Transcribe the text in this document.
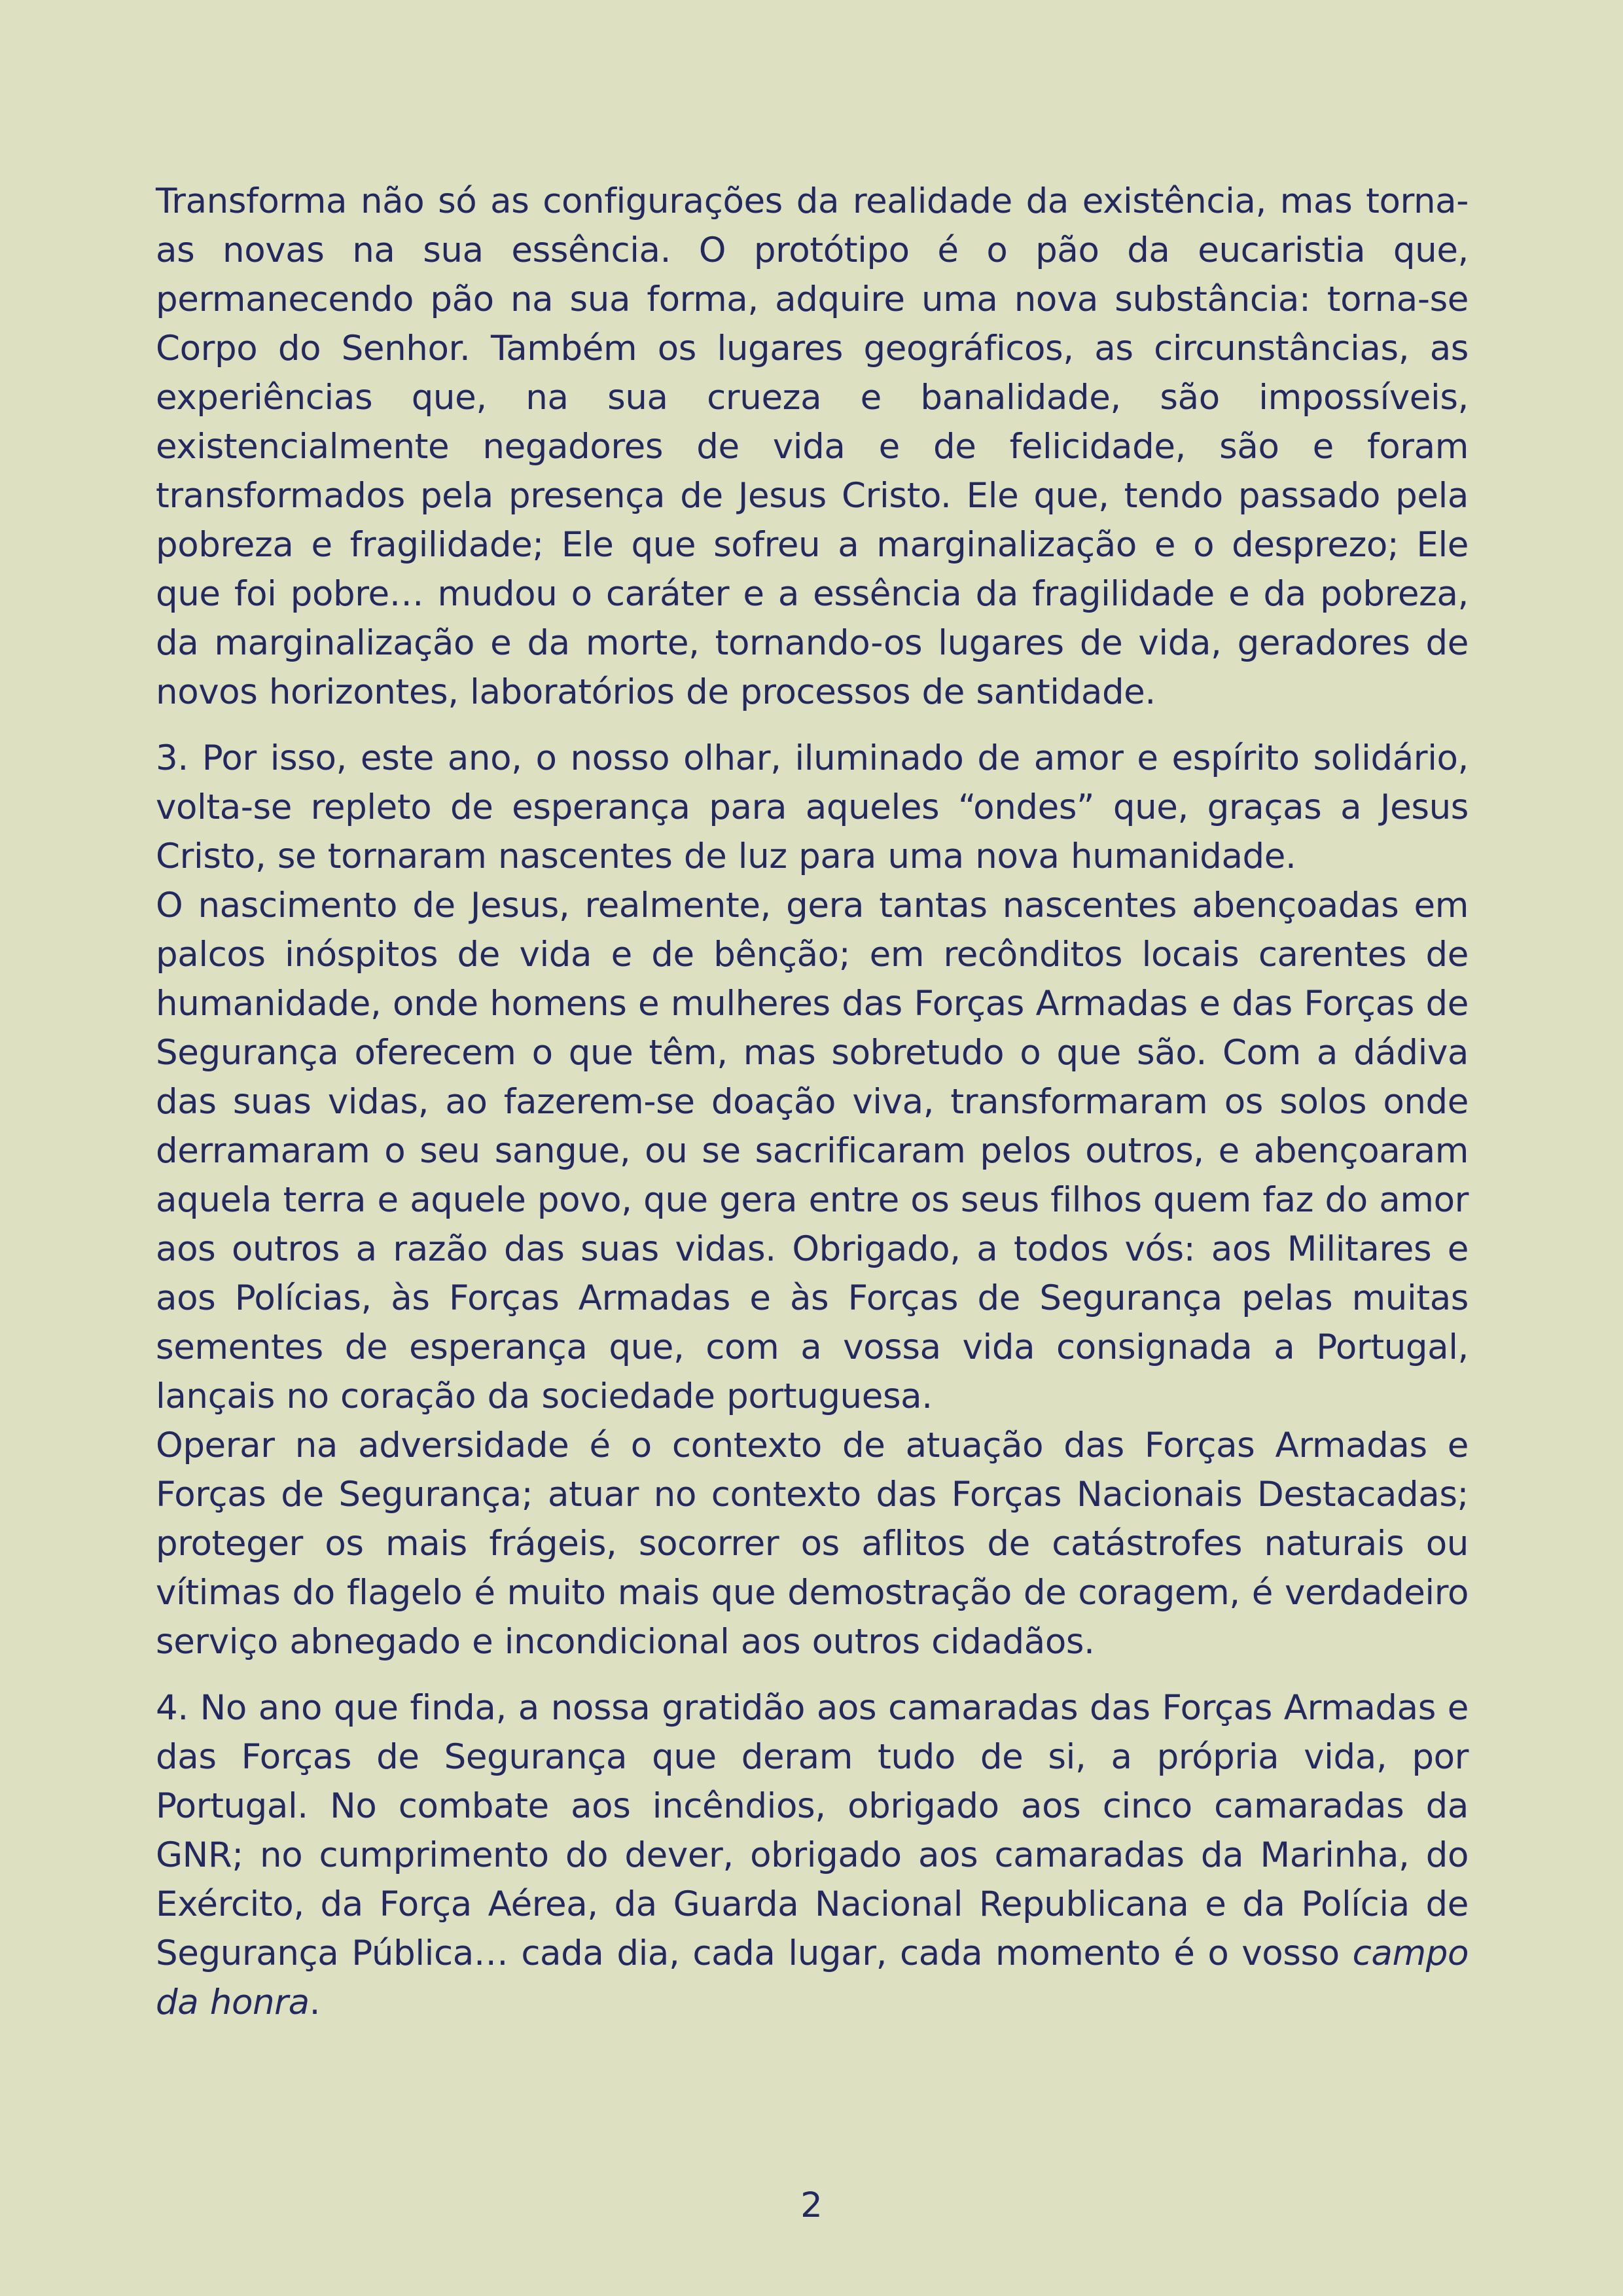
Transforma não só as configurações da realidade da existência, mas torna-as novas na sua essência. O protótipo é o pão da eucaristia que, permanecendo pão na sua forma, adquire uma nova substância: torna-se Corpo do Senhor. Também os lugares geográficos, as circunstâncias, as experiências que, na sua crueza e banalidade, são impossíveis, existencialmente negadores de vida e de felicidade, são e foram transformados pela presença de Jesus Cristo. Ele que, tendo passado pela pobreza e fragilidade; Ele que sofreu a marginalização e o desprezo; Ele que foi pobre… mudou o caráter e a essência da fragilidade e da pobreza, da marginalização e da morte, tornando-os lugares de vida, geradores de novos horizontes, laboratórios de processos de santidade.

3. Por isso, este ano, o nosso olhar, iluminado de amor e espírito solidário, volta-se repleto de esperança para aqueles “ondes” que, graças a Jesus Cristo, se tornaram nascentes de luz para uma nova humanidade.

O nascimento de Jesus, realmente, gera tantas nascentes abençoadas em palcos inóspitos de vida e de bênção; em recônditos locais carentes de humanidade, onde homens e mulheres das Forças Armadas e das Forças de Segurança oferecem o que têm, mas sobretudo o que são. Com a dádiva das suas vidas, ao fazerem-se doação viva, transformaram os solos onde derramaram o seu sangue, ou se sacrificaram pelos outros, e abençoaram aquela terra e aquele povo, que gera entre os seus filhos quem faz do amor aos outros a razão das suas vidas. Obrigado, a todos vós: aos Militares e aos Polícias, às Forças Armadas e às Forças de Segurança pelas muitas sementes de esperança que, com a vossa vida consignada a Portugal, lançais no coração da sociedade portuguesa.

Operar na adversidade é o contexto de atuação das Forças Armadas e Forças de Segurança; atuar no contexto das Forças Nacionais Destacadas; proteger os mais frágeis, socorrer os aflitos de catástrofes naturais ou vítimas do flagelo é muito mais que demostração de coragem, é verdadeiro serviço abnegado e incondicional aos outros cidadãos.

4. No ano que finda, a nossa gratidão aos camaradas das Forças Armadas e das Forças de Segurança que deram tudo de si, a própria vida, por Portugal. No combate aos incêndios, obrigado aos cinco camaradas da GNR; no cumprimento do dever, obrigado aos camaradas da Marinha, do Exército, da Força Aérea, da Guarda Nacional Republicana e da Polícia de Segurança Pública… cada dia, cada lugar, cada momento é o vosso campo da honra.

2
